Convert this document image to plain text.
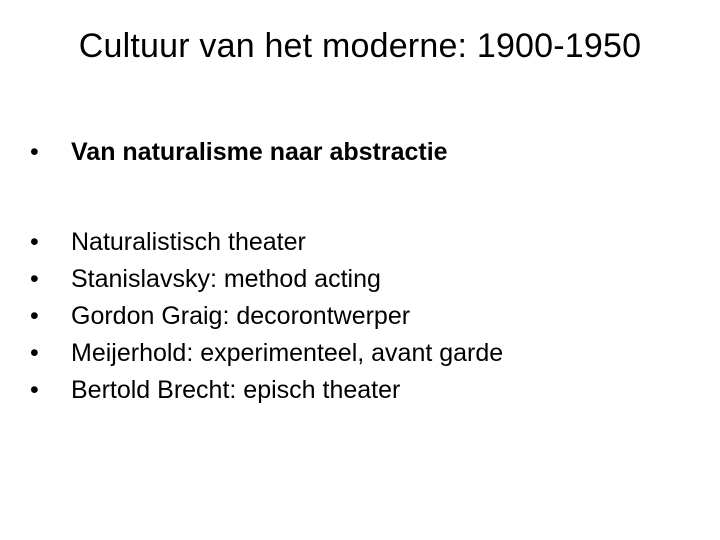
Cultuur van het moderne: 1900-1950
•	Van naturalisme naar abstractie
•	Naturalistisch theater
•	Stanislavsky: method acting
•	Gordon Graig: decorontwerper
•	Meijerhold: experimenteel, avant garde
•	Bertold Brecht: episch theater
